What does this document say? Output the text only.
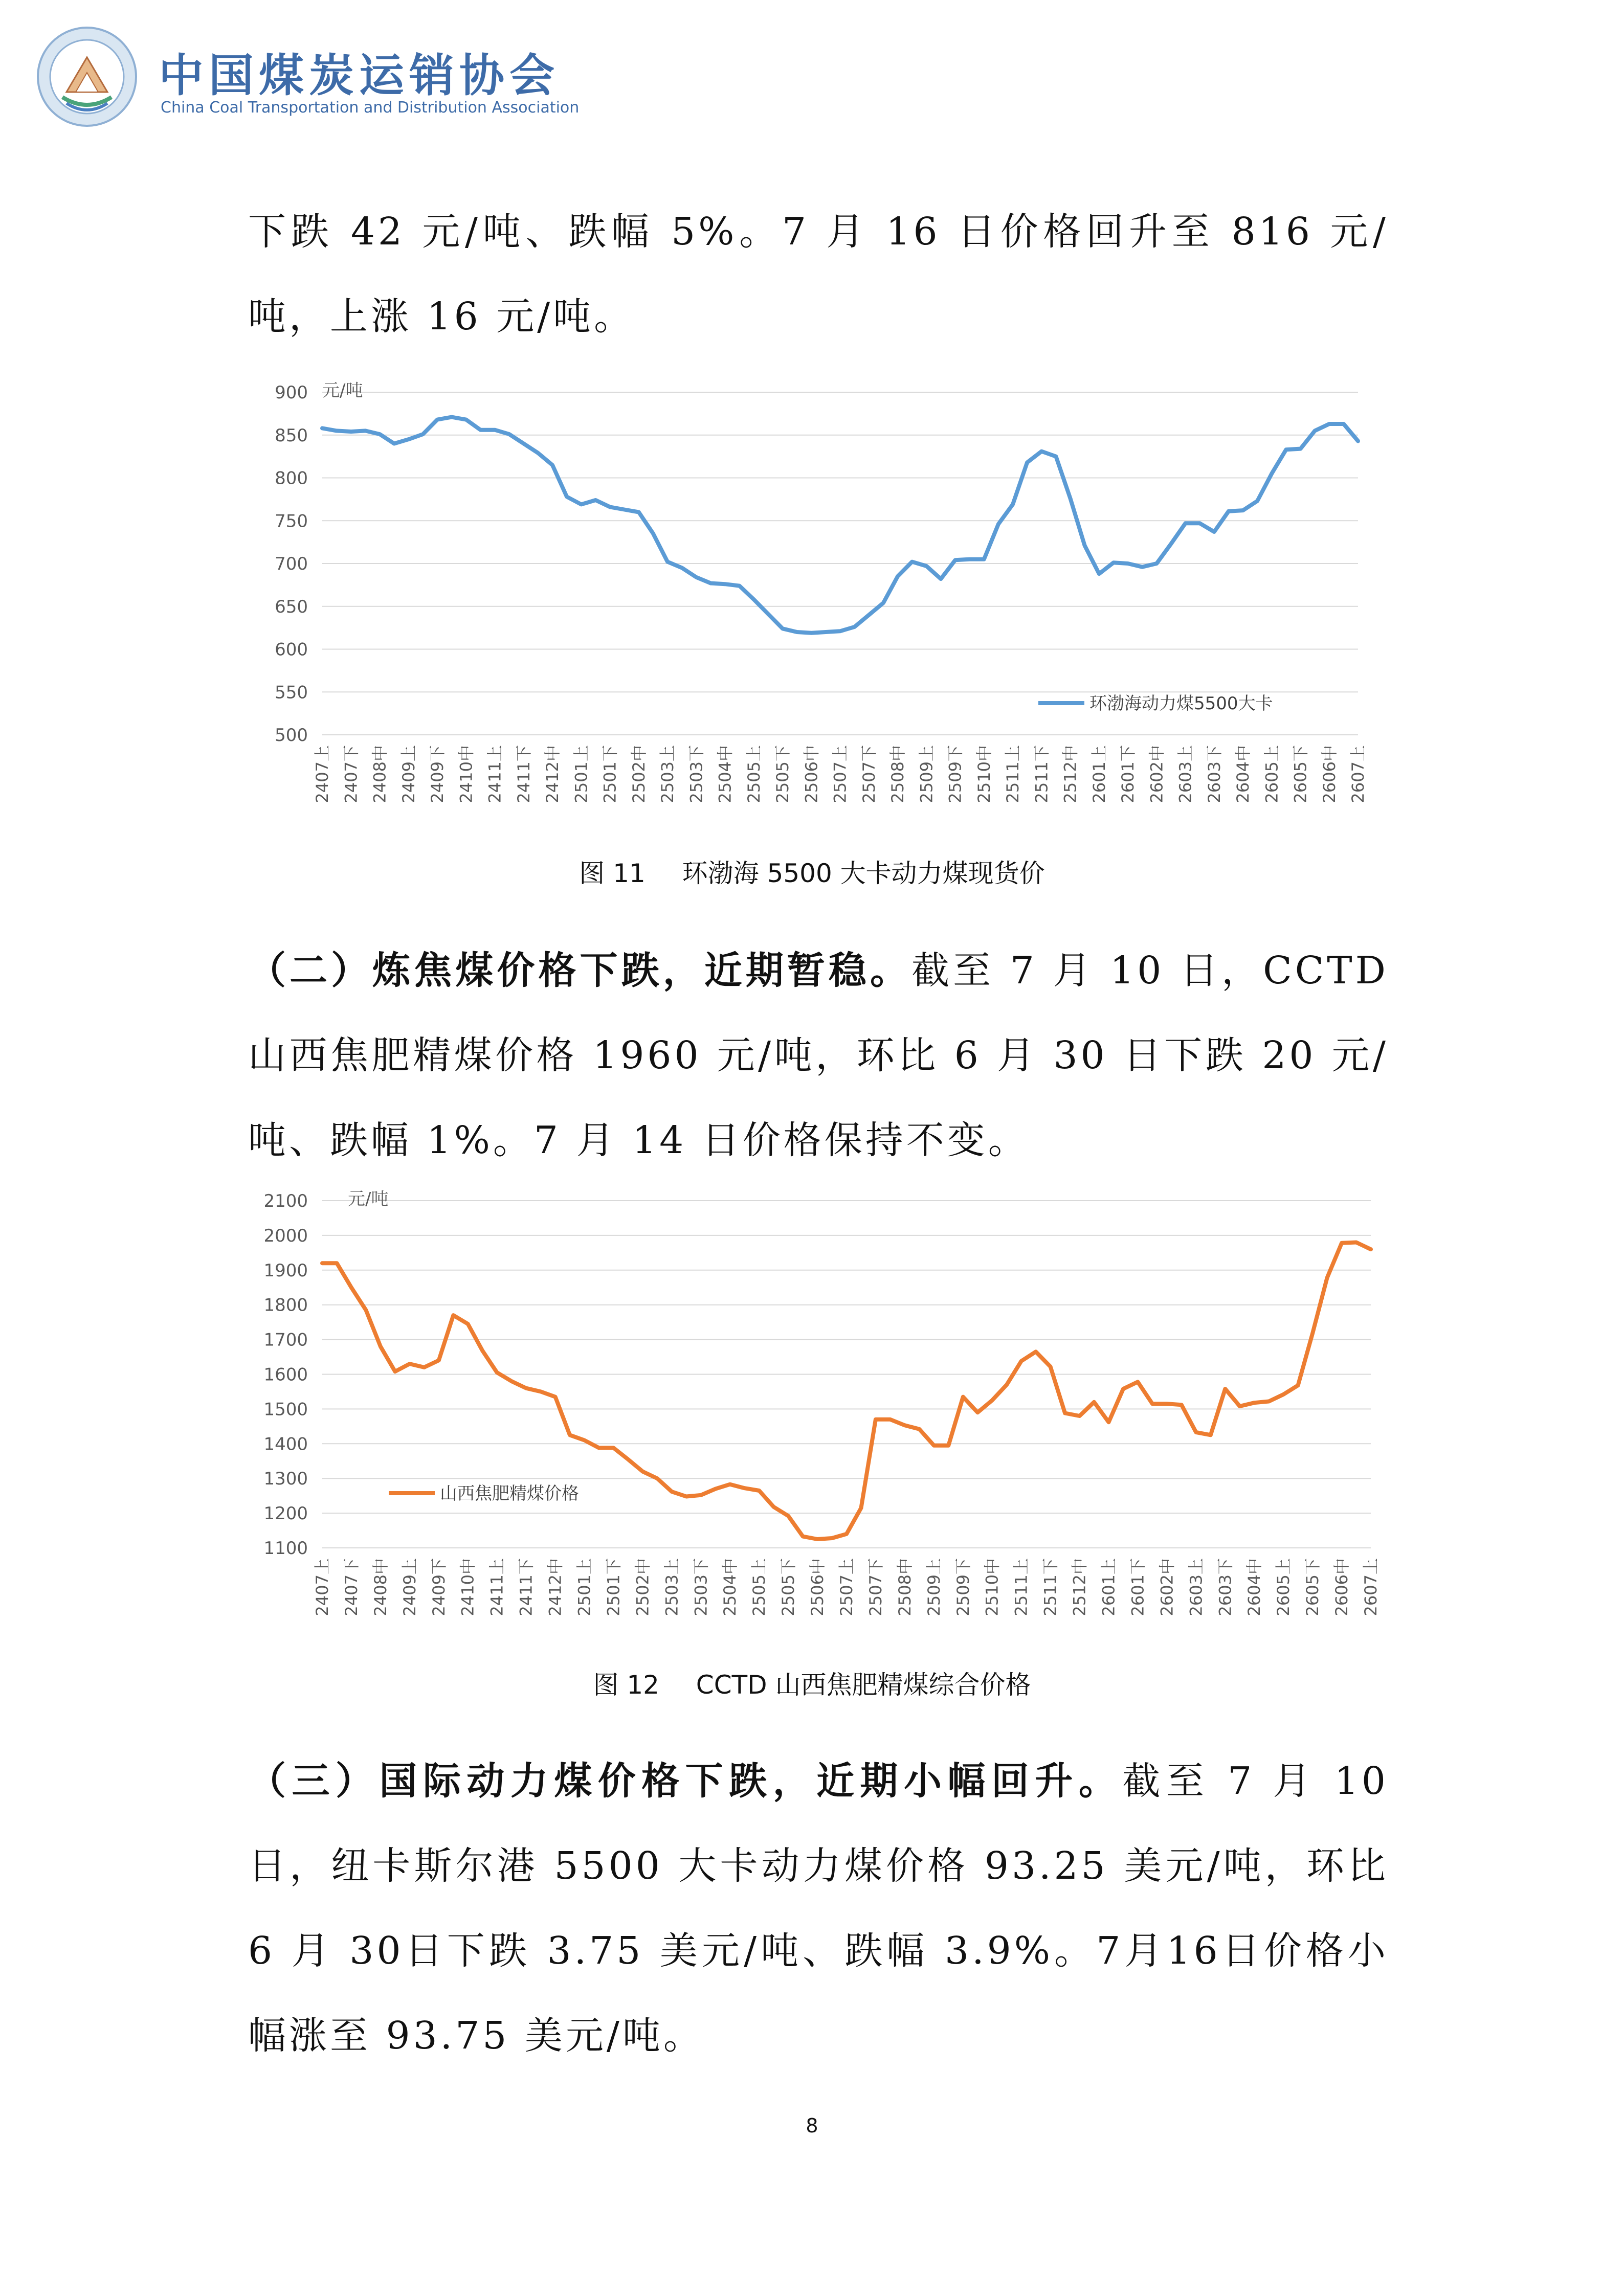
中国煤炭运销协会
China Coal Transportation and Distribution Association

下跌 42 元/吨、跌幅 5%。7 月 16 日价格回升至 816 元/吨，上涨 16 元/吨。

500
550
600
650
700
750
800
850
900 元/吨
2407上 2407下 2408中 2409上 2409下 2410中 2411上 2411下 2412中 2501上 2501下 2502中 2503上 2503下 2504中 2505上 2505下 2506中 2507上 2507下 2508中 2509上 2509下 2510中 2511上 2511下 2512中 2601上 2601下 2602中 2603上 2603下 2604中 2605上 2605下 2606中 2607上
环渤海动力煤5500大卡
图 11 环渤海 5500 大卡动力煤现货价

（二）炼焦煤价格下跌，近期暂稳。截至 7 月 10 日，CCTD 山西焦肥精煤价格 1960 元/吨，环比 6 月 30 日下跌 20 元/吨、跌幅 1%。7 月 14 日价格保持不变。

1100
1200
1300
1400
1500
1600
1700
1800
1900
2000
2100 元/吨
2407上 2407下 2408中 2409上 2409下 2410中 2411上 2411下 2412中 2501上 2501下 2502中 2503上 2503下 2504中 2505上 2505下 2506中 2507上 2507下 2508中 2509上 2509下 2510中 2511上 2511下 2512中 2601上 2601下 2602中 2603上 2603下 2604中 2605上 2605下 2606中 2607上
山西焦肥精煤价格
图 12 CCTD 山西焦肥精煤综合价格

（三）国际动力煤价格下跌，近期小幅回升。截至 7 月 10 日，纽卡斯尔港 5500 大卡动力煤价格 93.25 美元/吨，环比 6 月 30日下跌 3.75 美元/吨、跌幅 3.9%。7月16日价格小幅涨至 93.75 美元/吨。

8
